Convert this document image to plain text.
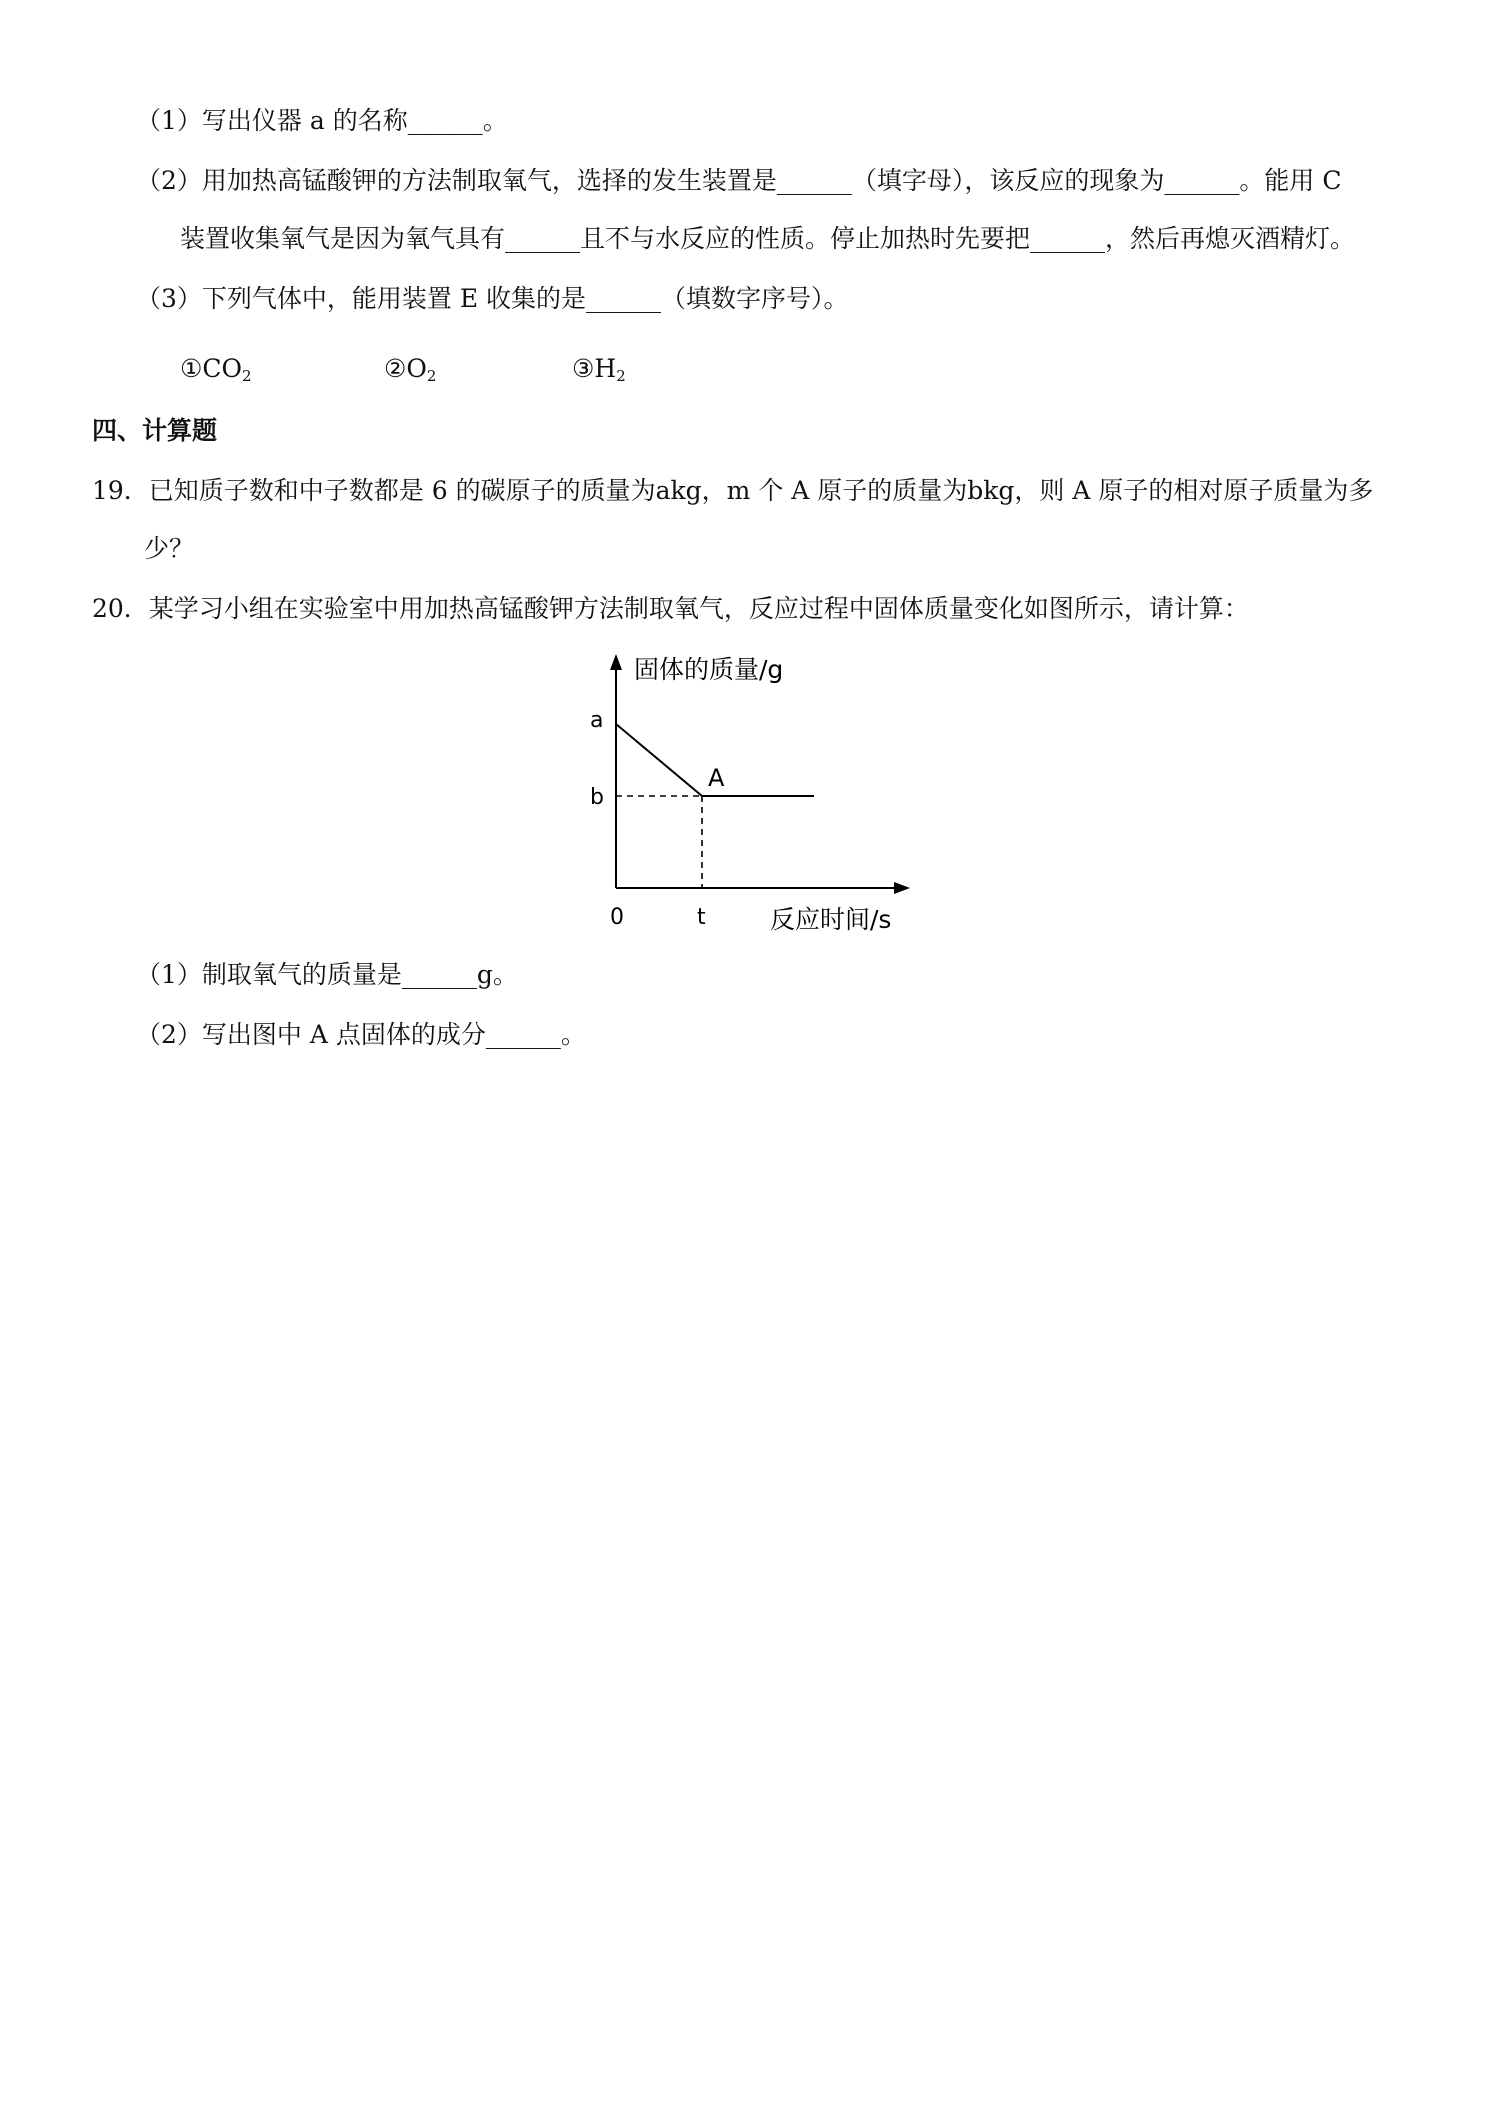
（1）写出仪器 a 的名称______。
（2）用加热高锰酸钾的方法制取氧气，选择的发生装置是______（填字母），该反应的现象为______。能用 C
装置收集氧气是因为氧气具有______且不与水反应的性质。停止加热时先要把______，然后再熄灭酒精灯。
（3）下列气体中，能用装置 E 收集的是______（填数字序号）。
$①CO_2$	$②O_2$	$③H_2$
四、计算题
19．已知质子数和中子数都是 6 的碳原子的质量为akg，m 个 A 原子的质量为bkg，则 A 原子的相对原子质量为多
少？
20．某学习小组在实验室中用加热高锰酸钾方法制取氧气，反应过程中固体质量变化如图所示，请计算：
固体的质量/g
反应时间/s
a
b
0	t
A
（1）制取氧气的质量是______g。
（2）写出图中 A 点固体的成分______。
